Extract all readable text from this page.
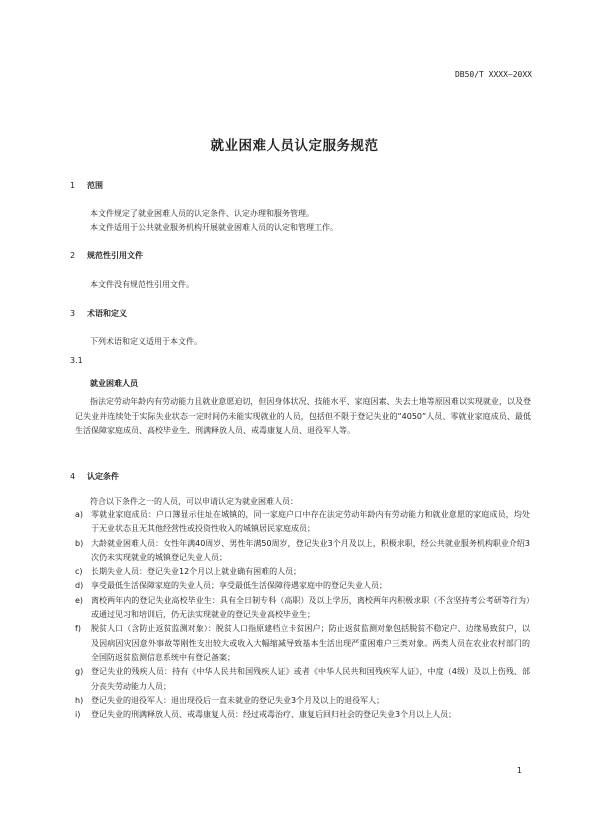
DB50/T XXXX—20XX
就业困难人员认定服务规范
1 范围
本文件规定了就业困难人员的认定条件、认定办理和服务管理。
本文件适用于公共就业服务机构开展就业困难人员的认定和管理工作。
2 规范性引用文件
本文件没有规范性引用文件。
3 术语和定义
下列术语和定义适用于本文件。
3.1
就业困难人员
指法定劳动年龄内有劳动能力且就业意愿迫切，但因身体状况、技能水平、家庭因素、失去土地等原因难以实现就业，以及登记失业并连续处于实际失业状态一定时间仍未能实现就业的人员，包括但不限于登记失业的“4050”人员、零就业家庭成员、最低生活保障家庭成员、高校毕业生、刑满释放人员、戒毒康复人员、退役军人等。
4 认定条件
符合以下条件之一的人员，可以申请认定为就业困难人员：
a) 零就业家庭成员：户口簿显示住址在城镇的，同一家庭户口中存在法定劳动年龄内有劳动能力和就业意愿的家庭成员，均处于无业状态且无其他经营性或投资性收入的城镇居民家庭成员；
b) 大龄就业困难人员：女性年满40周岁、男性年满50周岁，登记失业3个月及以上，积极求职，经公共就业服务机构职业介绍3次仍未实现就业的城镇登记失业人员；
c)	长期失业人员：登记失业12个月以上就业确有困难的人员；
d) 享受最低生活保障家庭的失业人员；享受最低生活保障待遇家庭中的登记失业人员；
e) 离校两年内的登记失业高校毕业生：具有全日制专科（高职）及以上学历，离校两年内积极求职（不含坚持考公考研等行为）或通过见习和培训后，仍无法实现就业的登记失业高校毕业生；
f)	脱贫人口（含防止返贫监测对象）：脱贫人口指原建档立卡贫困户；防止返贫监测对象包括脱贫不稳定户、边缘易致贫户，以及因病因灾因意外事故等刚性支出较大或收入大幅缩减导致基本生活出现严重困难户三类对象。两类人员在农业农村部门的全国防返贫监测信息系统中有登记备案；
g) 登记失业的残疾人员：持有《中华人民共和国残疾人证》或者《中华人民共和国残疾军人证》，中度（4级）及以上伤残、部分丧失劳动能力人员；
h) 登记失业的退役军人：退出现役后一直未就业的登记失业3个月及以上的退役军人；
i)	登记失业的刑满释放人员、戒毒康复人员：经过戒毒治疗、康复后回归社会的登记失业3个月以上人员；
1
